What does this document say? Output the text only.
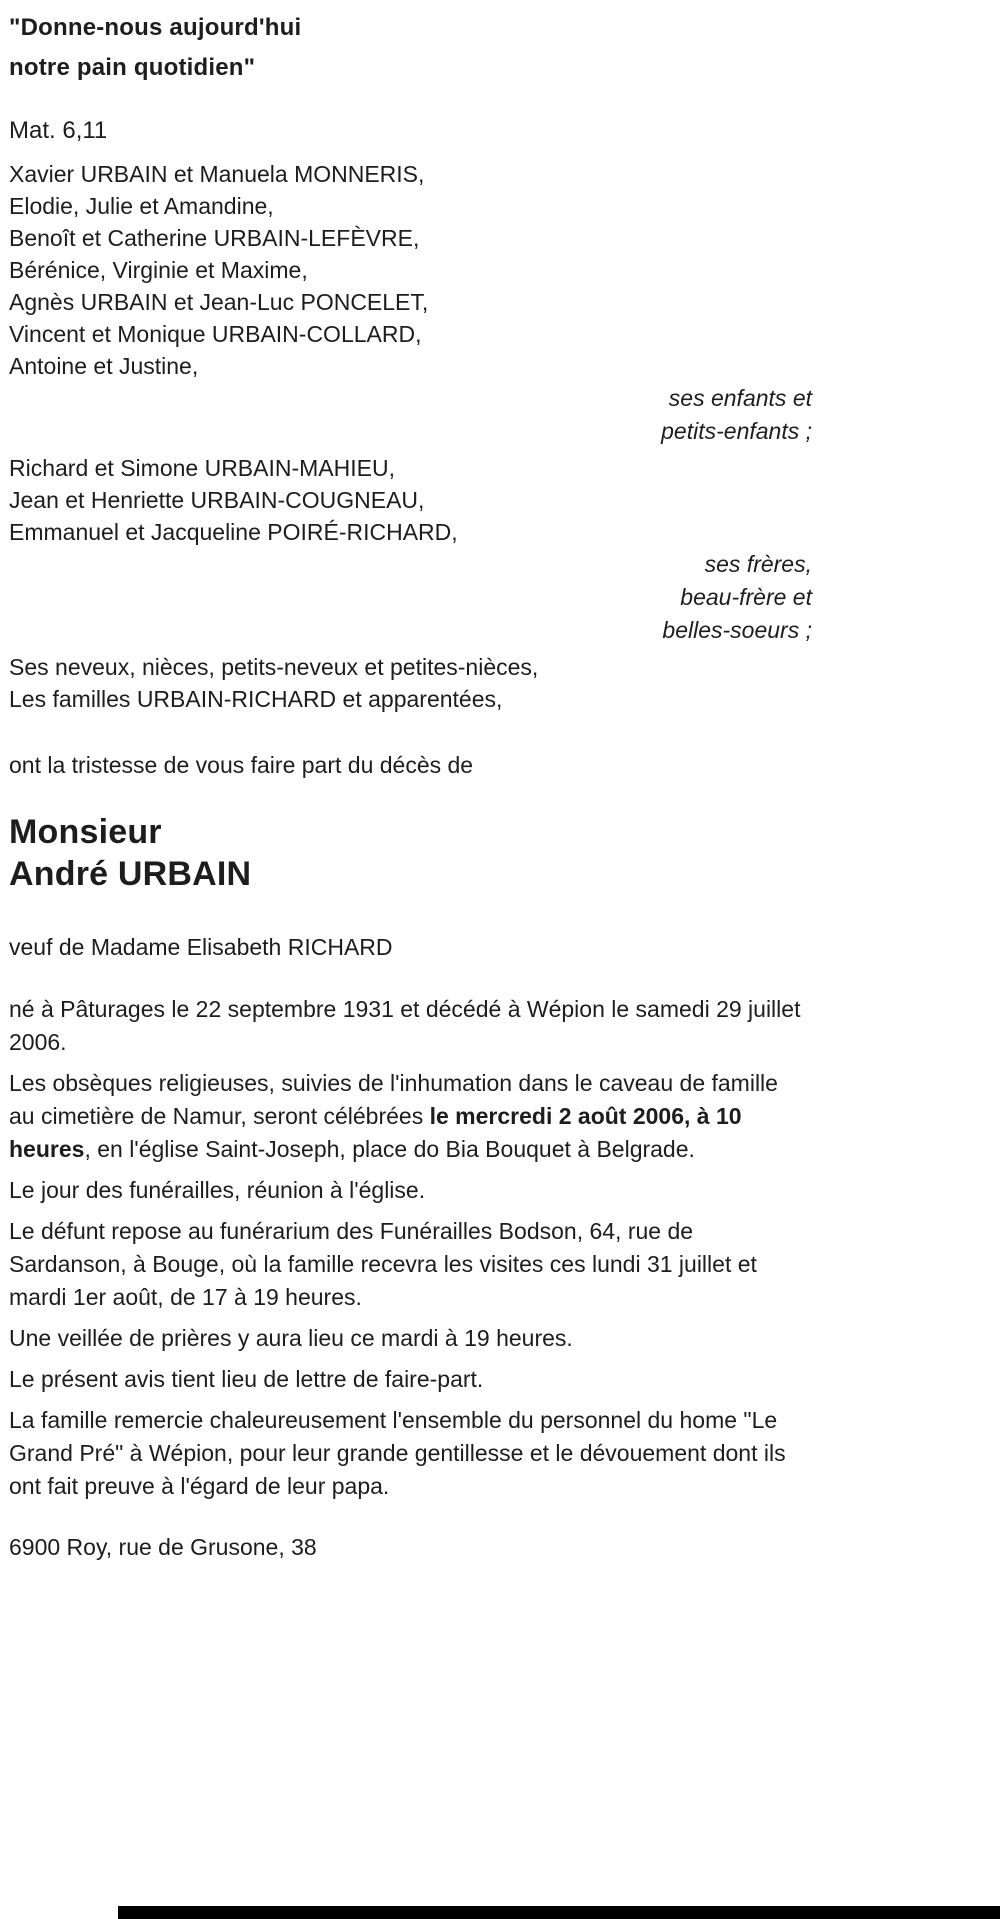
"Donne-nous aujourd'hui
notre pain quotidien"
Mat. 6,11
Xavier URBAIN et Manuela MONNERIS,
Elodie, Julie et Amandine,
Benoît et Catherine URBAIN-LEFÈVRE,
Bérénice, Virginie et Maxime,
Agnès URBAIN et Jean-Luc PONCELET,
Vincent et Monique URBAIN-COLLARD,
Antoine et Justine,
ses enfants et
petits-enfants ;
Richard et Simone URBAIN-MAHIEU,
Jean et Henriette URBAIN-COUGNEAU,
Emmanuel et Jacqueline POIRÉ-RICHARD,
ses frères,
beau-frère et
belles-soeurs ;
Ses neveux, nièces, petits-neveux et petites-nièces,
Les familles URBAIN-RICHARD et apparentées,
ont la tristesse de vous faire part du décès de
Monsieur
André URBAIN
veuf de Madame Elisabeth RICHARD

né à Pâturages le 22 septembre 1931 et décédé à Wépion le samedi 29 juillet 2006.

Les obsèques religieuses, suivies de l'inhumation dans le caveau de famille au cimetière de Namur, seront célébrées le mercredi 2 août 2006, à 10 heures, en l'église Saint-Joseph, place do Bia Bouquet à Belgrade.

Le jour des funérailles, réunion à l'église.

Le défunt repose au funérarium des Funérailles Bodson, 64, rue de Sardanson, à Bouge, où la famille recevra les visites ces lundi 31 juillet et mardi 1er août, de 17 à 19 heures.

Une veillée de prières y aura lieu ce mardi à 19 heures.

Le présent avis tient lieu de lettre de faire-part.

La famille remercie chaleureusement l'ensemble du personnel du home "Le Grand Pré" à Wépion, pour leur grande gentillesse et le dévouement dont ils ont fait preuve à l'égard de leur papa.

6900 Roy, rue de Grusone, 38
